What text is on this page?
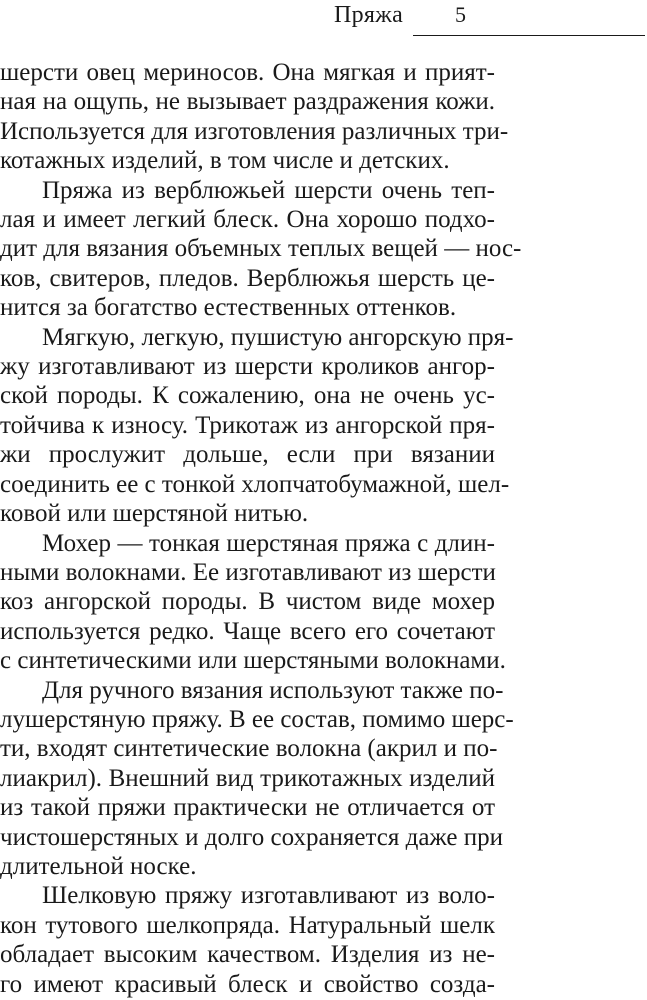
Пряжа 5
шерсти овец мериносов. Она мягкая и прият-
ная на ощупь, не вызывает раздражения кожи.
Используется для изготовления различных три-
котажных изделий, в том числе и детских.
Пряжа из верблюжьей шерсти очень теп-
лая и имеет легкий блеск. Она хорошо подхо-
дит для вязания объемных теплых вещей — нос-
ков, свитеров, пледов. Верблюжья шерсть це-
нится за богатство естественных оттенков.
Мягкую, легкую, пушистую ангорскую пря-
жу изготавливают из шерсти кроликов ангор-
ской породы. К сожалению, она не очень ус-
тойчива к износу. Трикотаж из ангорской пря-
жи прослужит дольше, если при вязании
соединить ее с тонкой хлопчатобумажной, шел-
ковой или шерстяной нитью.
Мохер — тонкая шерстяная пряжа с длин-
ными волокнами. Ее изготавливают из шерсти
коз ангорской породы. В чистом виде мохер
используется редко. Чаще всего его сочетают
с синтетическими или шерстяными волокнами.
Для ручного вязания используют также по-
лушерстяную пряжу. В ее состав, помимо шерс-
ти, входят синтетические волокна (акрил и по-
лиакрил). Внешний вид трикотажных изделий
из такой пряжи практически не отличается от
чистошерстяных и долго сохраняется даже при
длительной носке.
Шелковую пряжу изготавливают из воло-
кон тутового шелкопряда. Натуральный шелк
обладает высоким качеством. Изделия из не-
го имеют красивый блеск и свойство созда-
